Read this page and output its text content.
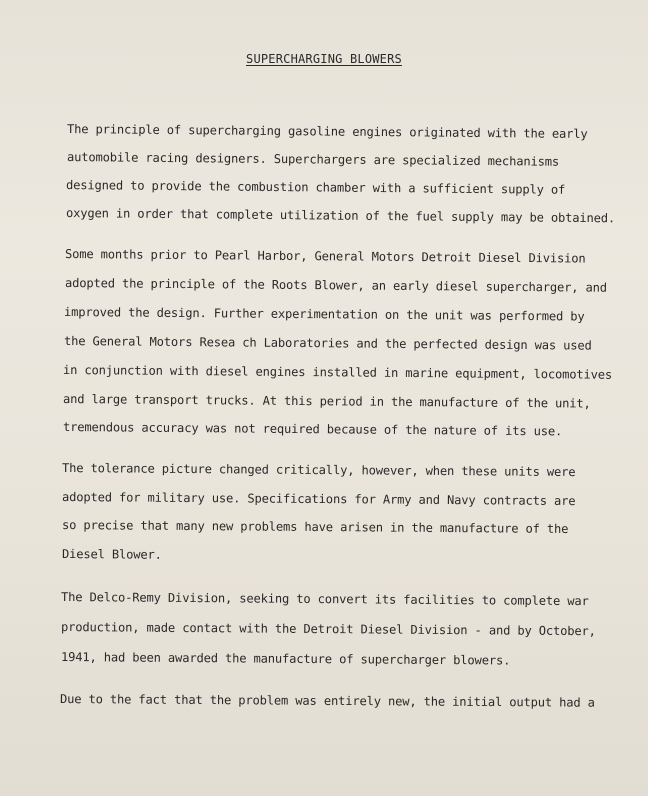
SUPERCHARGING BLOWERS
The principle of supercharging gasoline engines originated with the early
automobile racing designers. Superchargers are specialized mechanisms
designed to provide the combustion chamber with a sufficient supply of
oxygen in order that complete utilization of the fuel supply may be obtained.
Some months prior to Pearl Harbor, General Motors Detroit Diesel Division
adopted the principle of the Roots Blower, an early diesel supercharger, and
improved the design. Further experimentation on the unit was performed by
the General Motors Resea ch Laboratories and the perfected design was used
in conjunction with diesel engines installed in marine equipment, locomotives
and large transport trucks. At this period in the manufacture of the unit,
tremendous accuracy was not required because of the nature of its use.
The tolerance picture changed critically, however, when these units were
adopted for military use. Specifications for Army and Navy contracts are
so precise that many new problems have arisen in the manufacture of the
Diesel Blower.
The Delco-Remy Division, seeking to convert its facilities to complete war
production, made contact with the Detroit Diesel Division - and by October,
1941, had been awarded the manufacture of supercharger blowers.
Due to the fact that the problem was entirely new, the initial output had a
